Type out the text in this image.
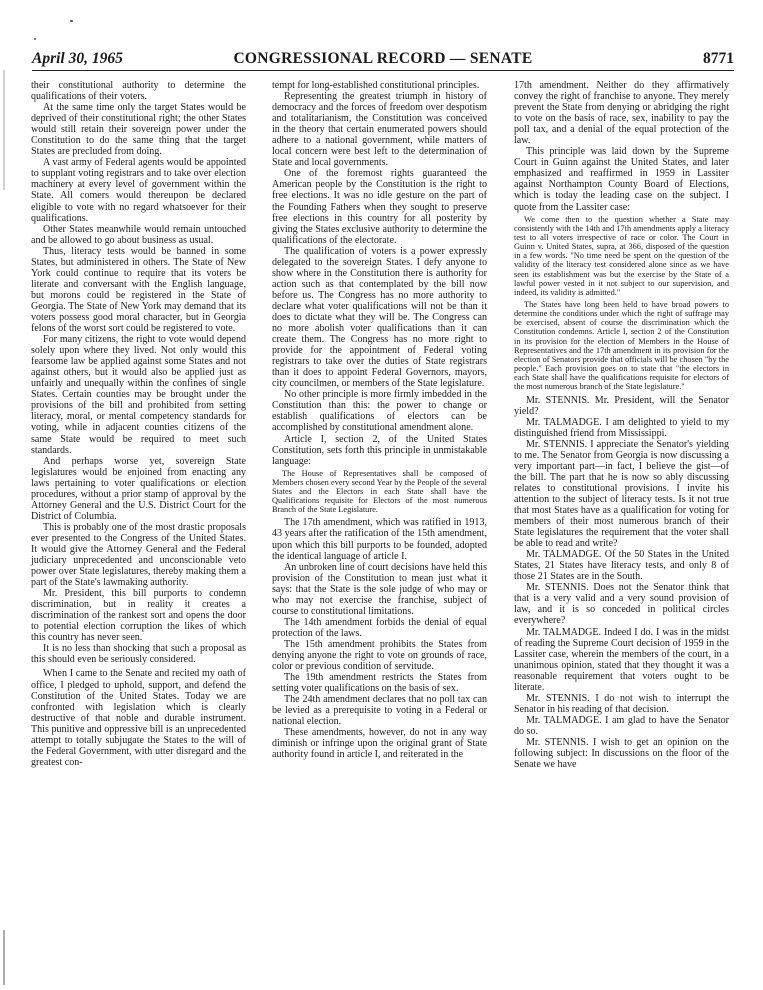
April 30, 1965	CONGRESSIONAL RECORD — SENATE	8771

their constitutional authority to determine the qualifications of their voters.

At the same time only the target States would be deprived of their constitutional right; the other States would still retain their sovereign power under the Constitution to do the same thing that the target States are precluded from doing.

A vast army of Federal agents would be appointed to supplant voting registrars and to take over election machinery at every level of government within the State. All comers would thereupon be declared eligible to vote with no regard whatsoever for their qualifications.

Other States meanwhile would remain untouched and be allowed to go about business as usual.

Thus, literacy tests would be banned in some States, but administered in others. The State of New York could continue to require that its voters be literate and conversant with the English language, but morons could be registered in the State of Georgia. The State of New York may demand that its voters possess good moral character, but in Georgia felons of the worst sort could be registered to vote.

For many citizens, the right to vote would depend solely upon where they lived. Not only would this fearsome law be applied against some States and not against others, but it would also be applied just as unfairly and unequally within the confines of single States. Certain counties may be brought under the provisions of the bill and prohibited from setting literacy, moral, or mental competency standards for voting, while in adjacent counties citizens of the same State would be required to meet such standards.

And perhaps worse yet, sovereign State legislatures would be enjoined from enacting any laws pertaining to voter qualifications or election procedures, without a prior stamp of approval by the Attorney General and the U.S. District Court for the District of Columbia.

This is probably one of the most drastic proposals ever presented to the Congress of the United States. It would give the Attorney General and the Federal judiciary unprecedented and unconscionable veto power over State legislatures, thereby making them a part of the State's lawmaking authority.

Mr. President, this bill purports to condemn discrimination, but in reality it creates a discrimination of the rankest sort and opens the door to potential election corruption the likes of which this country has never seen.

It is no less than shocking that such a proposal as this should even be seriously considered.

When I came to the Senate and recited my oath of office, I pledged to uphold, support, and defend the Constitution of the United States. Today we are confronted with legislation which is clearly destructive of that noble and durable instrument. This punitive and oppressive bill is an unprecedented attempt to totally subjugate the States to the will of the Federal Government, with utter disregard and the greatest con-

tempt for long-established constitutional principles.

Representing the greatest triumph in history of democracy and the forces of freedom over despotism and totalitarianism, the Constitution was conceived in the theory that certain enumerated powers should adhere to a national government, while matters of local concern were best left to the determination of State and local governments.

One of the foremost rights guaranteed the American people by the Constitution is the right to free elections. It was no idle gesture on the part of the Founding Fathers when they sought to preserve free elections in this country for all posterity by giving the States exclusive authority to determine the qualifications of the electorate.

The qualification of voters is a power expressly delegated to the sovereign States. I defy anyone to show where in the Constitution there is authority for action such as that contemplated by the bill now before us. The Congress has no more authority to declare what voter qualifications will not be than it does to dictate what they will be. The Congress can no more abolish voter qualifications than it can create them. The Congress has no more right to provide for the appointment of Federal voting registrars to take over the duties of State registrars than it does to appoint Federal Governors, mayors, city councilmen, or members of the State legislature.

No other principle is more firmly imbedded in the Constitution than this: the power to change or establish qualifications of electors can be accomplished by constitutional amendment alone.

Article I, section 2, of the United States Constitution, sets forth this principle in unmistakable language:

The House of Representatives shall be composed of Members chosen every second Year by the People of the several States and the Electors in each State shall have the Qualifications requisite for Electors of the most numerous Branch of the State Legislature.

The 17th amendment, which was ratified in 1913, 43 years after the ratification of the 15th amendment, upon which this bill purports to be founded, adopted the identical language of article I.

An unbroken line of court decisions have held this provision of the Constitution to mean just what it says: that the State is the sole judge of who may or who may not exercise the franchise, subject of course to constitutional limitations.

The 14th amendment forbids the denial of equal protection of the laws.

The 15th amendment prohibits the States from denying anyone the right to vote on grounds of race, color or previous condition of servitude.

The 19th amendment restricts the States from setting voter qualifications on the basis of sex.

The 24th amendment declares that no poll tax can be levied as a prerequisite to voting in a Federal or national election.

These amendments, however, do not in any way diminish or infringe upon the original grant of State authority found in article I, and reiterated in the

17th amendment. Neither do they affirmatively convey the right of franchise to anyone. They merely prevent the State from denying or abridging the right to vote on the basis of race, sex, inability to pay the poll tax, and a denial of the equal protection of the law.

This principle was laid down by the Supreme Court in Guinn against the United States, and later emphasized and reaffirmed in 1959 in Lassiter against Northampton County Board of Elections, which is today the leading case on the subject. I quote from the Lassiter case:

We come then to the question whether a State may consistently with the 14th and 17th amendments apply a literacy test to all voters irrespective of race or color. The Court in Guinn v. United States, supra, at 366, disposed of the question in a few words. "No time need be spent on the question of the validity of the literacy test considered alone since as we have seen its establishment was but the exercise by the State of a lawful power vested in it not subject to our supervision, and indeed, its validity is admitted."

The States have long been held to have broad powers to determine the conditions under which the right of suffrage may be exercised, absent of course the discrimination which the Constitution condemns. Article I, section 2 of the Constitution in its provision for the election of Members in the House of Representatives and the 17th amendment in its provision for the election of Senators provide that officials will be chosen "by the people." Each provision goes on to state that "the electors in each State shall have the qualifications requisite for electors of the most numerous branch of the State legislature."

Mr. STENNIS. Mr. President, will the Senator yield?

Mr. TALMADGE. I am delighted to yield to my distinguished friend from Mississippi.

Mr. STENNIS. I appreciate the Senator's yielding to me. The Senator from Georgia is now discussing a very important part—in fact, I believe the gist—of the bill. The part that he is now so ably discussing relates to constitutional provisions. I invite his attention to the subject of literacy tests. Is it not true that most States have as a qualification for voting for members of their most numerous branch of their State legislatures the requirement that the voter shall be able to read and write?

Mr. TALMADGE. Of the 50 States in the United States, 21 States have literacy tests, and only 8 of those 21 States are in the South.

Mr. STENNIS. Does not the Senator think that that is a very valid and a very sound provision of law, and it is so conceded in political circles everywhere?

Mr. TALMADGE. Indeed I do. I was in the midst of reading the Supreme Court decision of 1959 in the Lassiter case, wherein the members of the court, in a unanimous opinion, stated that they thought it was a reasonable requirement that voters ought to be literate.

Mr. STENNIS. I do not wish to interrupt the Senator in his reading of that decision.

Mr. TALMADGE. I am glad to have the Senator do so.

Mr. STENNIS. I wish to get an opinion on the following subject: In discussions on the floor of the Senate we have
